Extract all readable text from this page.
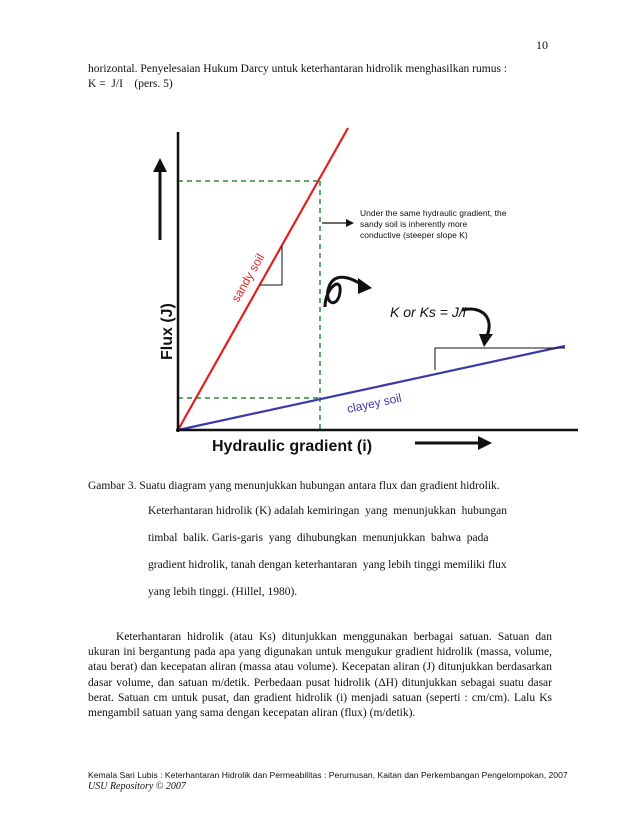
10
horizontal. Penyelesaian Hukum Darcy untuk keterhantaran hidrolik menghasilkan rumus :
K =  J/I    (pers. 5)
Flux (J)
Hydraulic gradient (i)
sandy soil
clayey soil
K or Ks = J/i
Under the same hydraulic gradient, the
sandy soil is inherently more
conductive (steeper slope K)
Gambar 3. Suatu diagram yang menunjukkan hubungan antara flux dan gradient hidrolik.
Keterhantaran hidrolik (K) adalah kemiringan  yang  menunjukkan  hubungan
timbal  balik. Garis-garis  yang  dihubungkan  menunjukkan  bahwa  pada
gradient hidrolik, tanah dengan keterhantaran  yang lebih tinggi memiliki flux
yang lebih tinggi. (Hillel, 1980).

Keterhantaran hidrolik (atau Ks) ditunjukkan menggunakan berbagai satuan. Satuan dan ukuran ini bergantung pada apa yang digunakan untuk mengukur gradient hidrolik (massa, volume, atau berat) dan kecepatan aliran (massa atau volume). Kecepatan aliran (J) ditunjukkan berdasarkan dasar volume, dan satuan m/detik. Perbedaan pusat hidrolik (ΔH) ditunjukkan sebagai suatu dasar berat. Satuan cm untuk pusat, dan gradient hidrolik (i) menjadi satuan (seperti : cm/cm). Lalu Ks mengambil satuan yang sama dengan kecepatan aliran (flux) (m/detik).

Kemala Sari Lubis : Keterhantaran Hidrolik dan Permeabilitas : Perumusan, Kaitan dan Perkembangan Pengelompokan, 2007
USU Repository © 2007
